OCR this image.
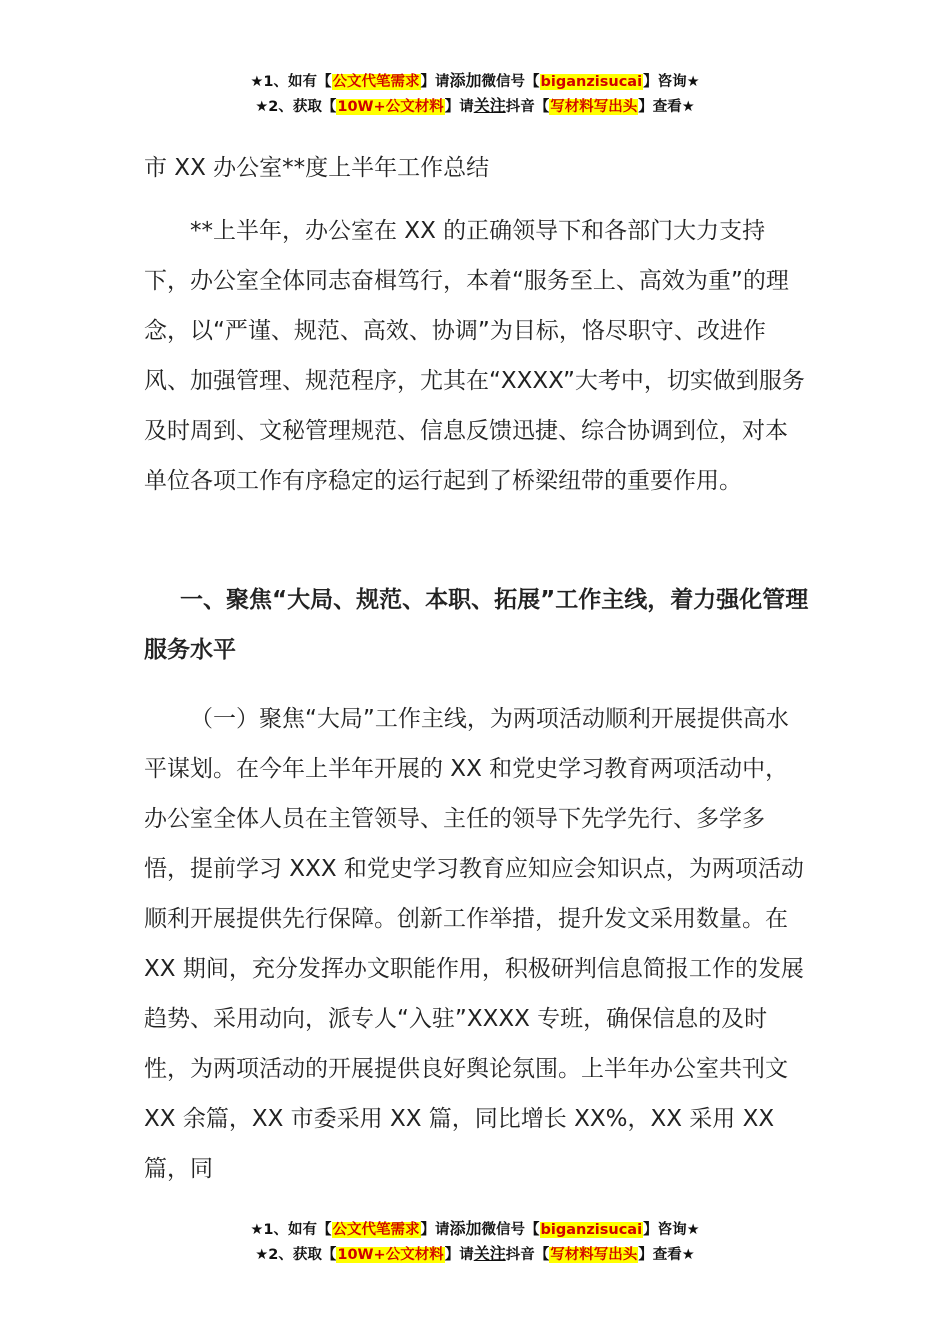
★1、如有【公文代笔需求】请添加微信号【biganzisucai】咨询★
★2、获取【10W+公文材料】请关注抖音【写材料写出头】查看★
市 XX 办公室**度上半年工作总结

**上半年，办公室在 XX 的正确领导下和各部门大力支持下，办公室全体同志奋楫笃行，本着“服务至上、高效为重”的理念，以“严谨、规范、高效、协调”为目标，恪尽职守、改进作风、加强管理、规范程序，尤其在“XXXX”大考中，切实做到服务及时周到、文秘管理规范、信息反馈迅捷、综合协调到位，对本单位各项工作有序稳定的运行起到了桥梁纽带的重要作用。

一、聚焦“大局、规范、本职、拓展”工作主线，着力强化管理服务水平

（一）聚焦“大局”工作主线，为两项活动顺利开展提供高水平谋划。在今年上半年开展的 XX 和党史学习教育两项活动中，办公室全体人员在主管领导、主任的领导下先学先行、多学多悟，提前学习 XXX 和党史学习教育应知应会知识点，为两项活动顺利开展提供先行保障。创新工作举措，提升发文采用数量。在 XX 期间，充分发挥办文职能作用，积极研判信息简报工作的发展趋势、采用动向，派专人“入驻”XXXX 专班，确保信息的及时性，为两项活动的开展提供良好舆论氛围。上半年办公室共刊文 XX 余篇，XX 市委采用 XX 篇，同比增长 XX%，XX 采用 XX 篇，同

★1、如有【公文代笔需求】请添加微信号【biganzisucai】咨询★
★2、获取【10W+公文材料】请关注抖音【写材料写出头】查看★
